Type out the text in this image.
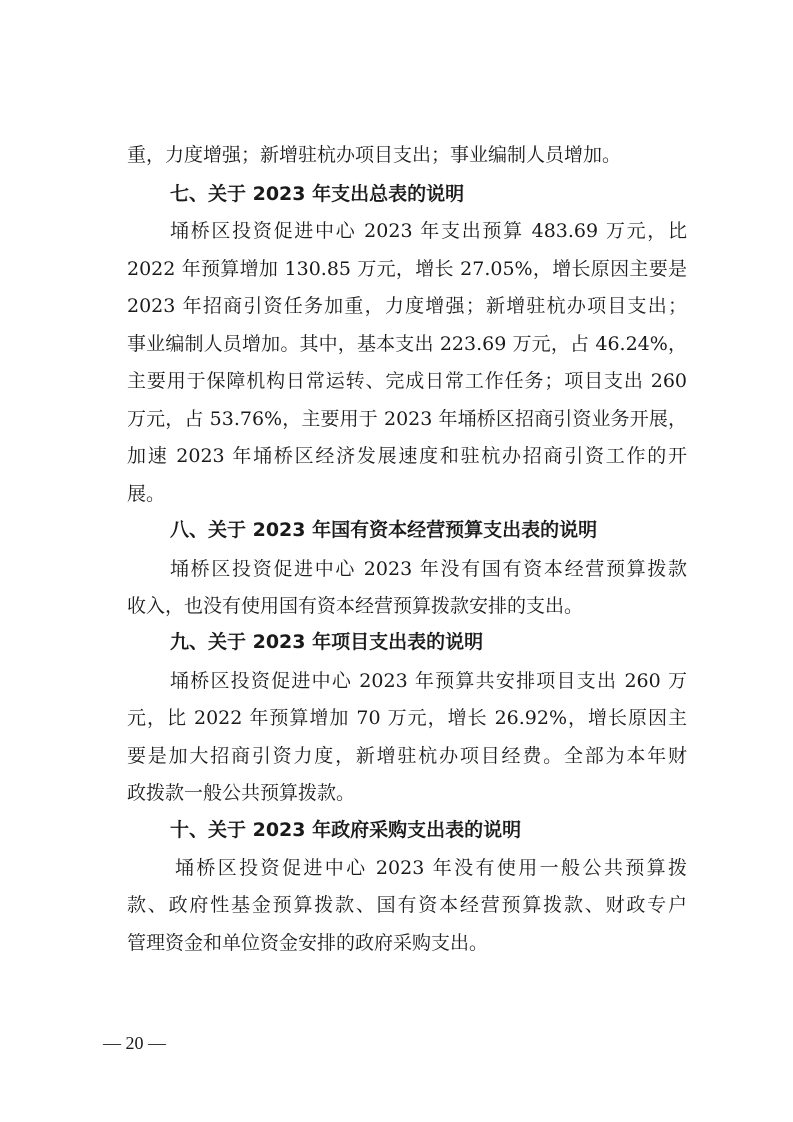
重，力度增强；新增驻杭办项目支出；事业编制人员增加。
七、关于 2023 年支出总表的说明
埇桥区投资促进中心 2023 年支出预算 483.69 万元，比
2022 年预算增加 130.85 万元，增长 27.05%，增长原因主要是
2023 年招商引资任务加重，力度增强；新增驻杭办项目支出；
事业编制人员增加。其中，基本支出 223.69 万元，占 46.24%，
主要用于保障机构日常运转、完成日常工作任务；项目支出 260
万元，占 53.76%，主要用于 2023 年埇桥区招商引资业务开展，
加速 2023 年埇桥区经济发展速度和驻杭办招商引资工作的开
展。
八、关于 2023 年国有资本经营预算支出表的说明
埇桥区投资促进中心 2023 年没有国有资本经营预算拨款
收入，也没有使用国有资本经营预算拨款安排的支出。
九、关于 2023 年项目支出表的说明
埇桥区投资促进中心 2023 年预算共安排项目支出 260 万
元，比 2022 年预算增加 70 万元，增长 26.92%，增长原因主
要是加大招商引资力度，新增驻杭办项目经费。全部为本年财
政拨款一般公共预算拨款。
十、关于 2023 年政府采购支出表的说明
埇桥区投资促进中心 2023 年没有使用一般公共预算拨
款、政府性基金预算拨款、国有资本经营预算拨款、财政专户
管理资金和单位资金安排的政府采购支出。
— 20 —
